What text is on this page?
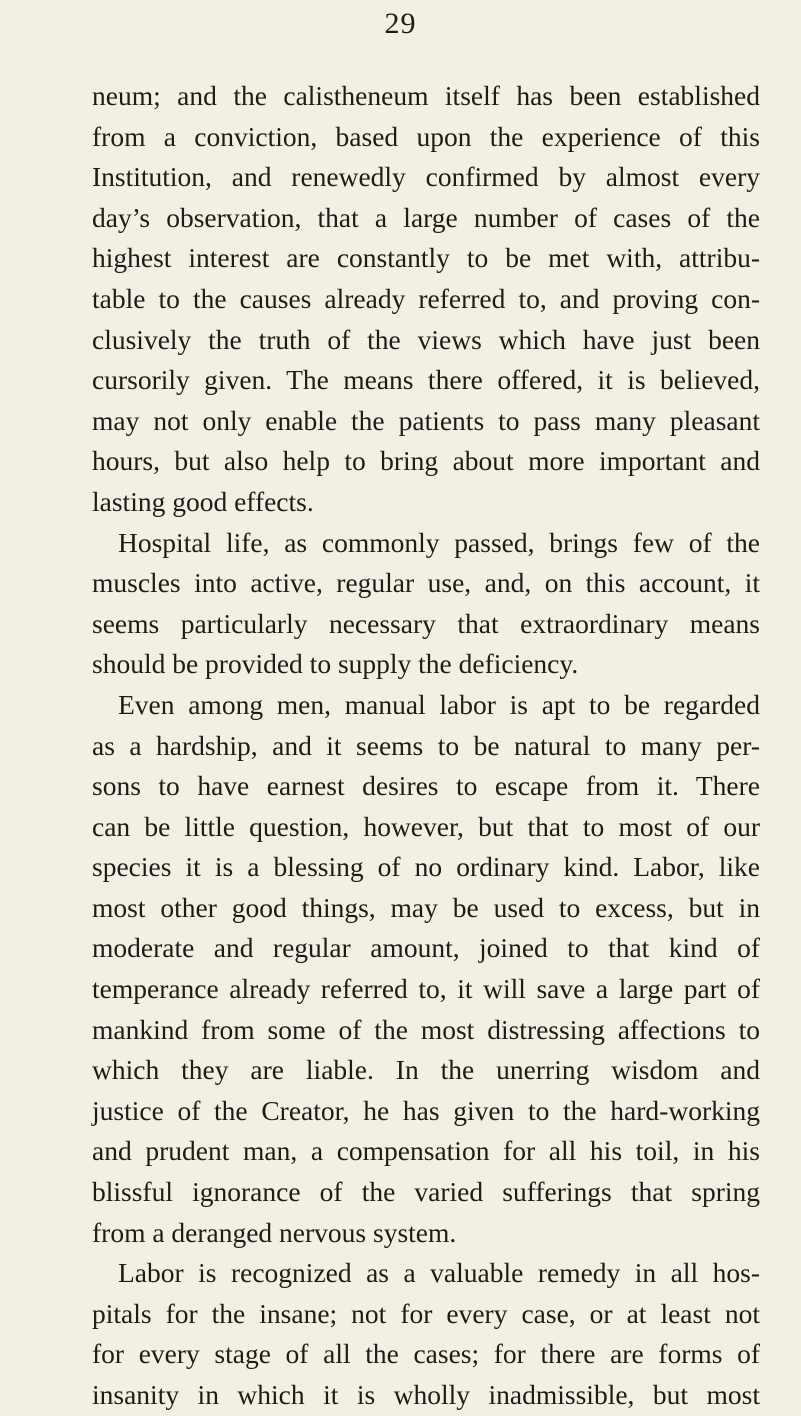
29
neum; and the calistheneum itself has been established
from a conviction, based upon the experience of this
Institution, and renewedly confirmed by almost every
day’s observation, that a large number of cases of the
highest interest are constantly to be met with, attribu-
table to the causes already referred to, and proving con-
clusively the truth of the views which have just been
cursorily given. The means there offered, it is believed,
may not only enable the patients to pass many pleasant
hours, but also help to bring about more important and
lasting good effects.
Hospital life, as commonly passed, brings few of the
muscles into active, regular use, and, on this account, it
seems particularly necessary that extraordinary means
should be provided to supply the deficiency.
Even among men, manual labor is apt to be regarded
as a hardship, and it seems to be natural to many per-
sons to have earnest desires to escape from it. There
can be little question, however, but that to most of our
species it is a blessing of no ordinary kind. Labor, like
most other good things, may be used to excess, but in
moderate and regular amount, joined to that kind of
temperance already referred to, it will save a large part of
mankind from some of the most distressing affections to
which they are liable. In the unerring wisdom and
justice of the Creator, he has given to the hard-working
and prudent man, a compensation for all his toil, in his
blissful ignorance of the varied sufferings that spring
from a deranged nervous system.
Labor is recognized as a valuable remedy in all hos-
pitals for the insane; not for every case, or at least not
for every stage of all the cases; for there are forms of
insanity in which it is wholly inadmissible, but most
